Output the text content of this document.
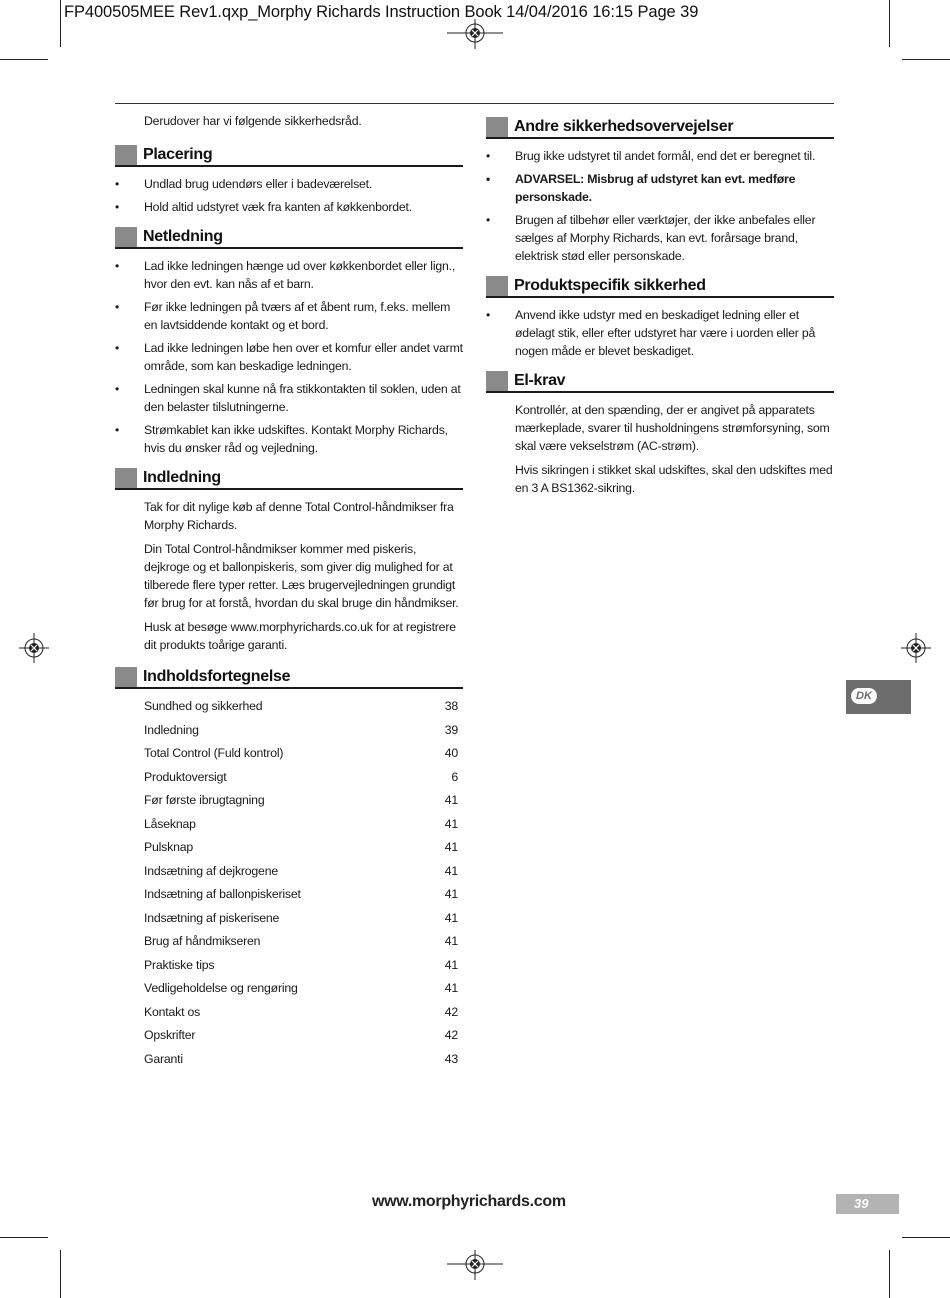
FP400505MEE Rev1.qxp_Morphy Richards Instruction Book 14/04/2016 16:15 Page 39

Derudover har vi følgende sikkerhedsråd.

Placering
• Undlad brug udendørs eller i badeværelset.
• Hold altid udstyret væk fra kanten af køkkenbordet.
Netledning
• Lad ikke ledningen hænge ud over køkkenbordet eller lign., hvor den evt. kan nås af et barn.
• Før ikke ledningen på tværs af et åbent rum, f.eks. mellem en lavtsiddende kontakt og et bord.
• Lad ikke ledningen løbe hen over et komfur eller andet varmt område, som kan beskadige ledningen.
• Ledningen skal kunne nå fra stikkontakten til soklen, uden at den belaster tilslutningerne.
• Strømkablet kan ikke udskiftes. Kontakt Morphy Richards, hvis du ønsker råd og vejledning.
Indledning

Tak for dit nylige køb af denne Total Control-håndmikser fra Morphy Richards.

Din Total Control-håndmikser kommer med piskeris, dejkroge og et ballonpiskeris, som giver dig mulighed for at tilberede flere typer retter. Læs brugervejledningen grundigt før brug for at forstå, hvordan du skal bruge din håndmikser.

Husk at besøge www.morphyrichards.co.uk for at registrere dit produkts toårige garanti.

Indholdsfortegnelse
Sundhed og sikkerhed	38
Indledning	39
Total Control (Fuld kontrol)	40
Produktoversigt	6
Før første ibrugtagning	41
Låseknap	41
Pulsknap	41
Indsætning af dejkrogene	41
Indsætning af ballonpiskeriset	41
Indsætning af piskerisene	41
Brug af håndmikseren	41
Praktiske tips	41
Vedligeholdelse og rengøring	41
Kontakt os	42
Opskrifter	42
Garanti	43
Andre sikkerhedsovervejelser
• Brug ikke udstyret til andet formål, end det er beregnet til.
• ADVARSEL: Misbrug af udstyret kan evt. medføre personskade.
• Brugen af tilbehør eller værktøjer, der ikke anbefales eller sælges af Morphy Richards, kan evt. forårsage brand, elektrisk stød eller personskade.
Produktspecifik sikkerhed
• Anvend ikke udstyr med en beskadiget ledning eller et ødelagt stik, eller efter udstyret har være i uorden eller på nogen måde er blevet beskadiget.
El-krav

Kontrollér, at den spænding, der er angivet på apparatets mærkeplade, svarer til husholdningens strømforsyning, som skal være vekselstrøm (AC-strøm).

Hvis sikringen i stikket skal udskiftes, skal den udskiftes med en 3 A BS1362-sikring.

DK
www.morphyrichards.com	39
